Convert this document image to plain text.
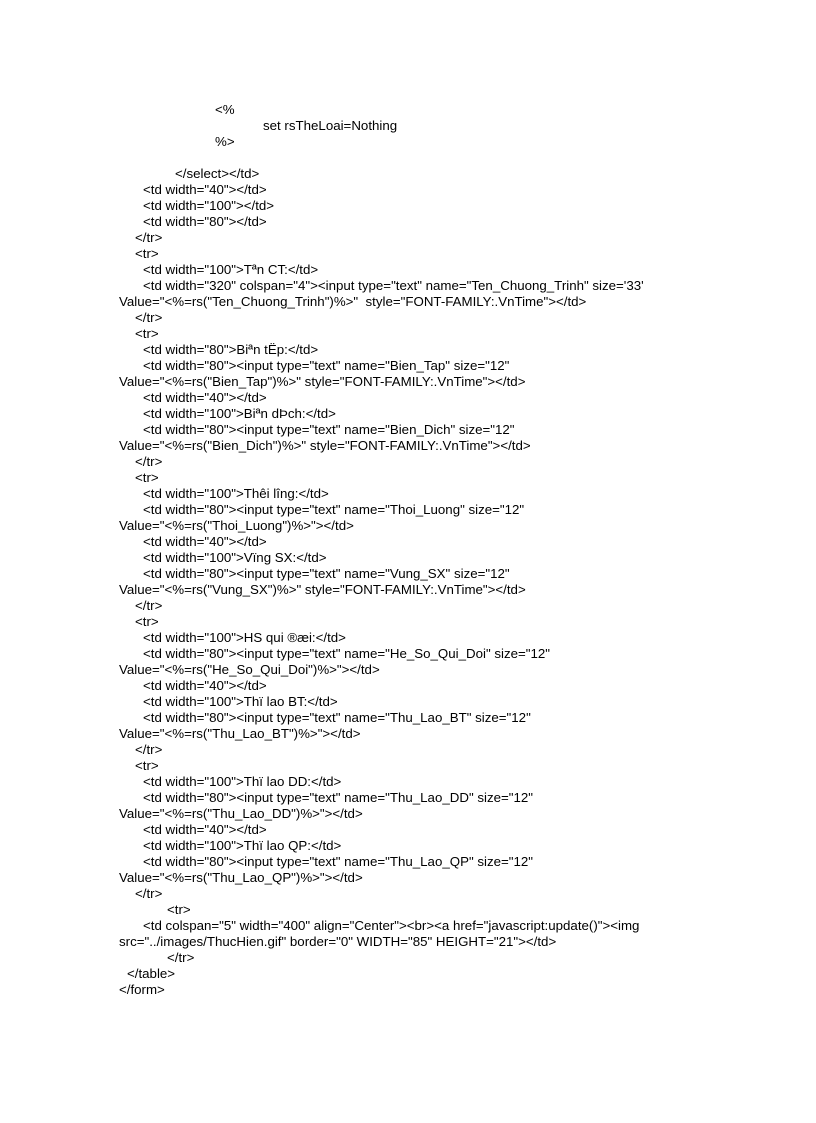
<%
set rsTheLoai=Nothing
%>
</select></td>
<td width="40"></td>
<td width="100"></td>
<td width="80"></td>
</tr>
<tr>
<td width="100">Tªn CT:</td>
<td width="320" colspan="4"><input type="text" name="Ten_Chuong_Trinh" size='33'
Value="<%=rs("Ten_Chuong_Trinh")%>"  style="FONT-FAMILY:.VnTime"></td>
</tr>
<tr>
<td width="80">Biªn tËp:</td>
<td width="80"><input type="text" name="Bien_Tap" size="12"
Value="<%=rs("Bien_Tap")%>" style="FONT-FAMILY:.VnTime"></td>
<td width="40"></td>
<td width="100">Biªn dÞch:</td>
<td width="80"><input type="text" name="Bien_Dich" size="12"
Value="<%=rs("Bien_Dich")%>" style="FONT-FAMILY:.VnTime"></td>
</tr>
<tr>
<td width="100">Thêi lîng:</td>
<td width="80"><input type="text" name="Thoi_Luong" size="12"
Value="<%=rs("Thoi_Luong")%>"></td>
<td width="40"></td>
<td width="100">Vïng SX:</td>
<td width="80"><input type="text" name="Vung_SX" size="12"
Value="<%=rs("Vung_SX")%>" style="FONT-FAMILY:.VnTime"></td>
</tr>
<tr>
<td width="100">HS qui ®æi:</td>
<td width="80"><input type="text" name="He_So_Qui_Doi" size="12"
Value="<%=rs("He_So_Qui_Doi")%>"></td>
<td width="40"></td>
<td width="100">Thï lao BT:</td>
<td width="80"><input type="text" name="Thu_Lao_BT" size="12"
Value="<%=rs("Thu_Lao_BT")%>"></td>
</tr>
<tr>
<td width="100">Thï lao DD:</td>
<td width="80"><input type="text" name="Thu_Lao_DD" size="12"
Value="<%=rs("Thu_Lao_DD")%>"></td>
<td width="40"></td>
<td width="100">Thï lao QP:</td>
<td width="80"><input type="text" name="Thu_Lao_QP" size="12"
Value="<%=rs("Thu_Lao_QP")%>"></td>
</tr>
<tr>
<td colspan="5" width="400" align="Center"><br><a href="javascript:update()"><img
src="../images/ThucHien.gif" border="0" WIDTH="85" HEIGHT="21"></td>
</tr>
</table>
</form>
